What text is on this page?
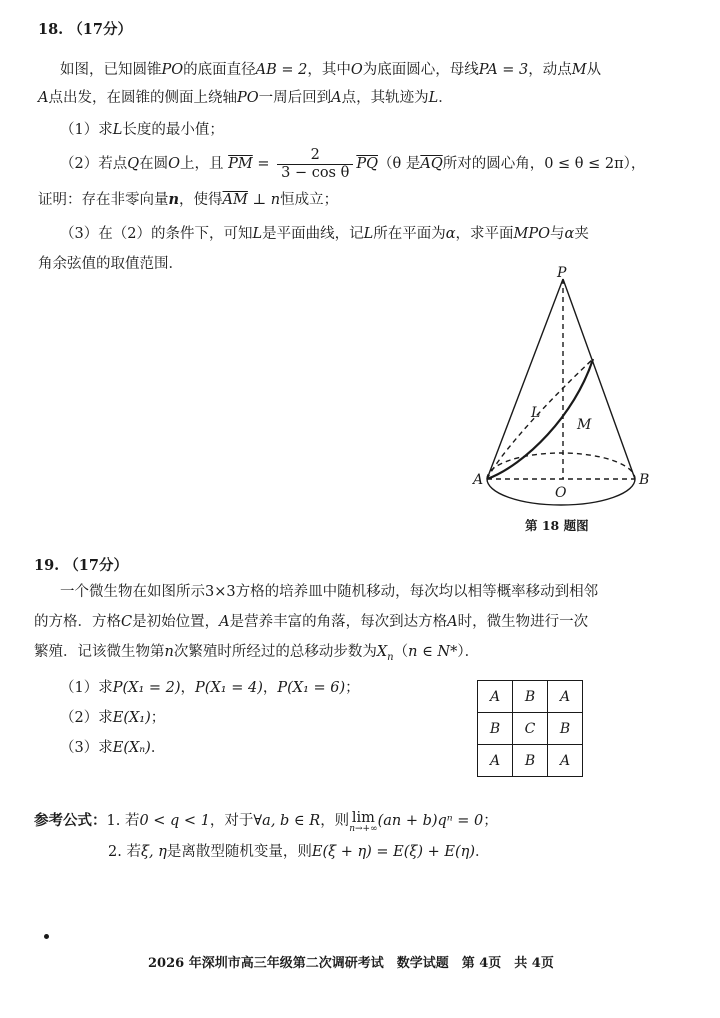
18. （17分）
如图，已知圆锥PO的底面直径AB = 2，其中O为底面圆心，母线PA = 3，动点M从
A点出发，在圆锥的侧面上绕轴PO一周后回到A点，其轨迹为L．
（1）求L长度的最小值；
（2）若点Q在圆O上，且 $\overline{PM} = \frac{2}{\text{3 − cos θ}} \overline{PQ}(\theta$ 是$\overline{AQ}$所对的圆心角，0 ≤ θ ≤ 2π），
证明：存在非零向量n，使得$\overline{AM}$ ⊥ n恒成立；
（3）在（2）的条件下，可知L是平面曲线，记L所在平面为α，求平面MPO与α夹
角余弦值的取值范围．
P
A	B
O
M
L
第 18 题图
19. （17分）
一个微生物在如图所示3×3方格的培养皿中随机移动，每次均以相等概率移动到相邻
的方格．方格C是初始位置，A是营养丰富的角落，每次到达方格A时，微生物进行一次
繁殖．记该微生物第n次繁殖时所经过的总移动步数为$X_n(n$ ∈ N*）．
（1）求P(X₁ = 2)，P(X₁ = 4)，P(X₁ = 6)；
（2）求E(X₁)；
（3）求E(Xₙ)．
A	B	A
B	C	B
A	B	A
参考公式：1. 若0 < q < 1，对于∀a, b ∈ R，则 lim
n→+∞ (an + b)qⁿ = 0；
2. 若ξ, η是离散型随机变量，则E(ξ + η) = E(ξ) + E(η)．
2026 年深圳市高三年级第二次调研考试　数学试题　第 4页　共 4页
